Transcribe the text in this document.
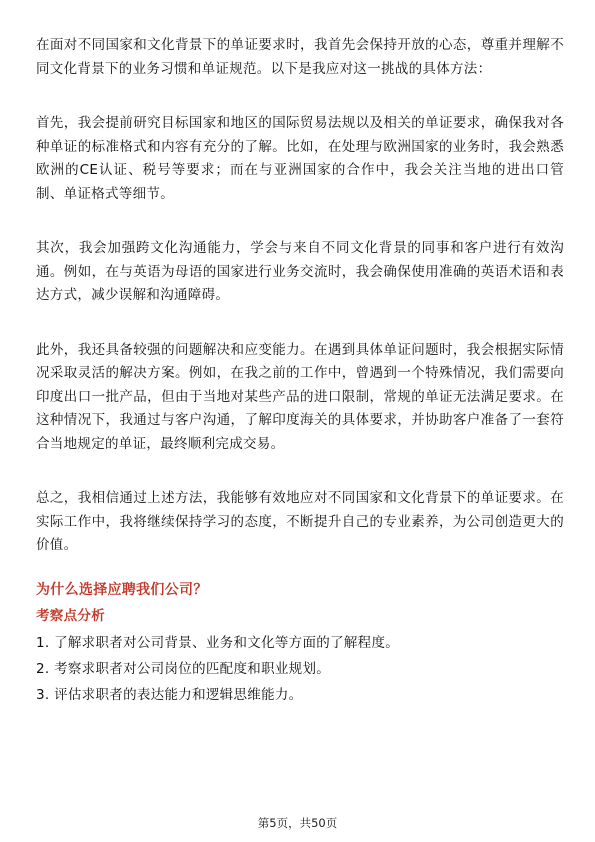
在面对不同国家和文化背景下的单证要求时，我首先会保持开放的心态，尊重并理解不同文化背景下的业务习惯和单证规范。以下是我应对这一挑战的具体方法：

首先，我会提前研究目标国家和地区的国际贸易法规以及相关的单证要求，确保我对各种单证的标准格式和内容有充分的了解。比如，在处理与欧洲国家的业务时，我会熟悉欧洲的CE认证、税号等要求；而在与亚洲国家的合作中，我会关注当地的进出口管制、单证格式等细节。

其次，我会加强跨文化沟通能力，学会与来自不同文化背景的同事和客户进行有效沟通。例如，在与英语为母语的国家进行业务交流时，我会确保使用准确的英语术语和表达方式，减少误解和沟通障碍。

此外，我还具备较强的问题解决和应变能力。在遇到具体单证问题时，我会根据实际情况采取灵活的解决方案。例如，在我之前的工作中，曾遇到一个特殊情况，我们需要向印度出口一批产品，但由于当地对某些产品的进口限制，常规的单证无法满足要求。在这种情况下，我通过与客户沟通，了解印度海关的具体要求，并协助客户准备了一套符合当地规定的单证，最终顺利完成交易。

总之，我相信通过上述方法，我能够有效地应对不同国家和文化背景下的单证要求。在实际工作中，我将继续保持学习的态度，不断提升自己的专业素养，为公司创造更大的价值。

为什么选择应聘我们公司？
考察点分析
1. 了解求职者对公司背景、业务和文化等方面的了解程度。
2. 考察求职者对公司岗位的匹配度和职业规划。
3. 评估求职者的表达能力和逻辑思维能力。
第5页，共50页
